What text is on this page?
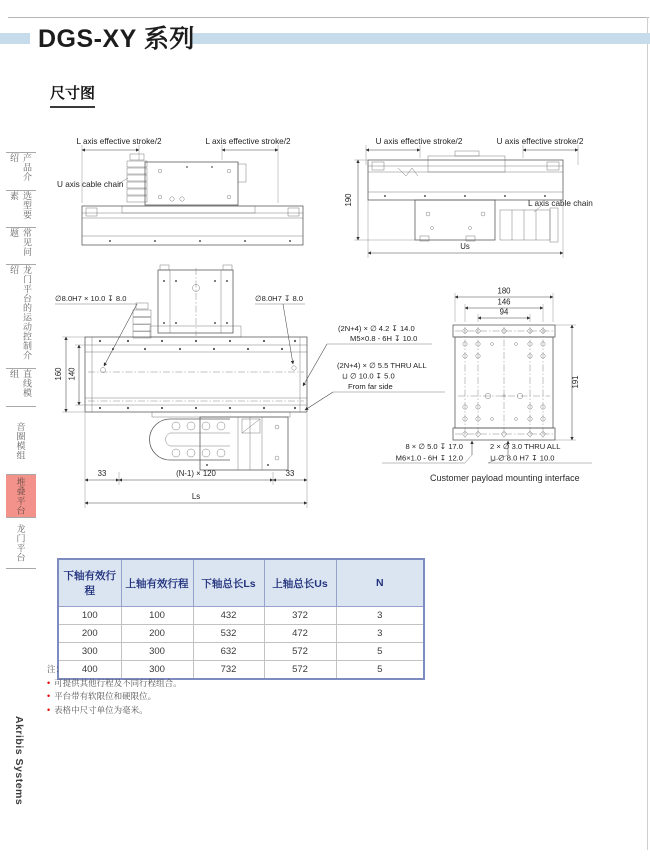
DGS-XY 系列
尺寸图
产品介绍
选型要素
常见问题
龙门平台的运动控制介绍
直线模组
音圈模组
堆叠平台
龙门平台
Akribis Systems
L axis effective stroke/2	L axis effective stroke/2
U axis cable chain
U axis effective stroke/2	U axis effective stroke/2
L axis cable chain
190
Us
∅8.0H7 × 10.0 ↧ 8.0	∅8.0H7 ↧ 8.0
160 140
(2N+4) × ∅ 4.2 ↧ 14.0
M5×0.8 - 6H ↧ 10.0
(2N+4) × ∅ 5.5 THRU ALL
⊔ ∅ 10.0 ↧ 5.0
From far side
33	(N-1) × 120	33
Ls
180
146
94
191
8 × ∅ 5.0 ↧ 17.0
M6×1.0 - 6H ↧ 12.0
2 × ∅ 3.0 THRU ALL
⊔ ∅ 8.0 H7 ↧ 10.0
Customer payload mounting interface
下轴有效行程	上轴有效行程	下轴总长Ls	上轴总长Us	N
100	100	432	372	3
200	200	532	472	3
300	300	632	572	5
400	300	732	572	5
注：
• 可提供其他行程及不同行程组合。
• 平台带有软限位和硬限位。
• 表格中尺寸单位为毫米。
